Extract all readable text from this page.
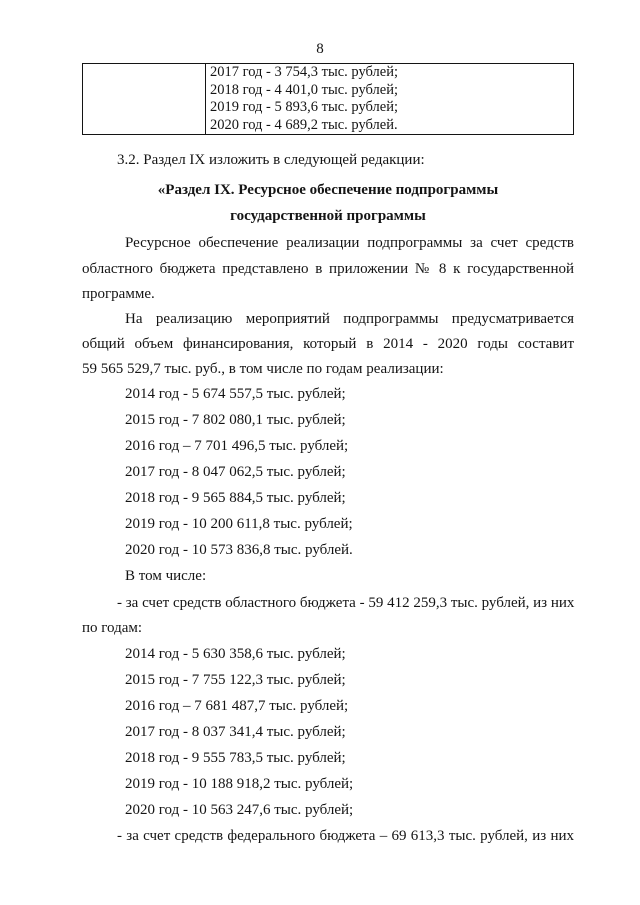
8

2017 год - 3 754,3 тыс. рублей;
2018 год - 4 401,0 тыс. рублей;
2019 год - 5 893,6 тыс. рублей;
2020 год - 4 689,2 тыс. рублей.
3.2. Раздел IX изложить в следующей редакции:
«Раздел IX. Ресурсное обеспечение подпрограммы
государственной программы
Ресурсное обеспечение реализации подпрограммы за счет средств
областного бюджета представлено в приложении № 8 к государственной
программе.
На реализацию мероприятий подпрограммы предусматривается
общий объем финансирования, который в 2014 - 2020 годы составит
59 565 529,7 тыс. руб., в том числе по годам реализации:
2014 год - 5 674 557,5 тыс. рублей;
2015 год - 7 802 080,1 тыс. рублей;
2016 год – 7 701 496,5 тыс. рублей;
2017 год - 8 047 062,5 тыс. рублей;
2018 год - 9 565 884,5 тыс. рублей;
2019 год - 10 200 611,8 тыс. рублей;
2020 год - 10 573 836,8 тыс. рублей.
В том числе:
- за счет средств областного бюджета - 59 412 259,3 тыс. рублей, из них
по годам:
2014 год - 5 630 358,6 тыс. рублей;
2015 год - 7 755 122,3 тыс. рублей;
2016 год – 7 681 487,7 тыс. рублей;
2017 год - 8 037 341,4 тыс. рублей;
2018 год - 9 555 783,5 тыс. рублей;
2019 год - 10 188 918,2 тыс. рублей;
2020 год - 10 563 247,6 тыс. рублей;
- за счет средств федерального бюджета – 69 613,3 тыс. рублей, из них
